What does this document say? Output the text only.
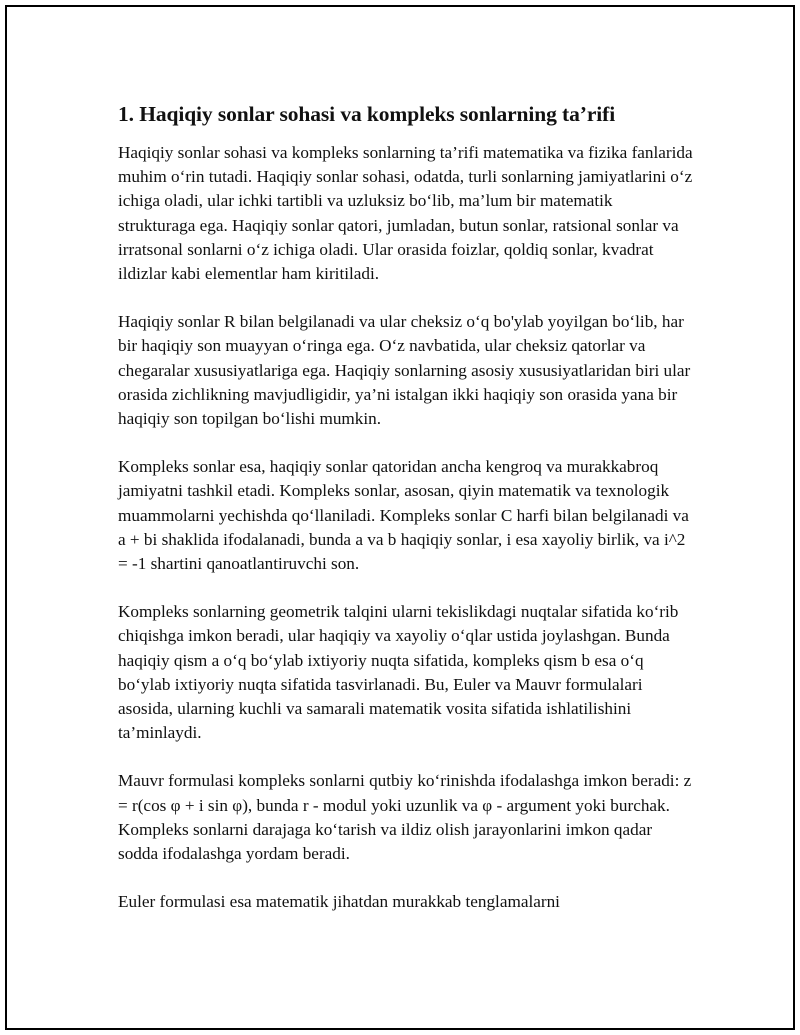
1. Haqiqiy sonlar sohasi va kompleks sonlarning ta’rifi

Haqiqiy sonlar sohasi va kompleks sonlarning ta’rifi matematika va fizika fanlarida muhim o‘rin tutadi. Haqiqiy sonlar sohasi, odatda, turli sonlarning jamiyatlarini o‘z ichiga oladi, ular ichki tartibli va uzluksiz bo‘lib, ma’lum bir matematik strukturaga ega. Haqiqiy sonlar qatori, jumladan, butun sonlar, ratsional sonlar va irratsonal sonlarni o‘z ichiga oladi. Ular orasida foizlar, qoldiq sonlar, kvadrat ildizlar kabi elementlar ham kiritiladi.

Haqiqiy sonlar R bilan belgilanadi va ular cheksiz o‘q bo'ylab yoyilgan bo‘lib, har bir haqiqiy son muayyan o‘ringa ega. O‘z navbatida, ular cheksiz qatorlar va chegaralar xususiyatlariga ega. Haqiqiy sonlarning asosiy xususiyatlaridan biri ular orasida zichlikning mavjudligidir, ya’ni istalgan ikki haqiqiy son orasida yana bir haqiqiy son topilgan bo‘lishi mumkin.

Kompleks sonlar esa, haqiqiy sonlar qatoridan ancha kengroq va murakkabroq jamiyatni tashkil etadi. Kompleks sonlar, asosan, qiyin matematik va texnologik muammolarni yechishda qo‘llaniladi. Kompleks sonlar C harfi bilan belgilanadi va a + bi shaklida ifodalanadi, bunda a va b haqiqiy sonlar, i esa xayoliy birlik, va i^2 = -1 shartini qanoatlantiruvchi son.

Kompleks sonlarning geometrik talqini ularni tekislikdagi nuqtalar sifatida ko‘rib chiqishga imkon beradi, ular haqiqiy va xayoliy o‘qlar ustida joylashgan. Bunda haqiqiy qism a o‘q bo‘ylab ixtiyoriy nuqta sifatida, kompleks qism b esa o‘q bo‘ylab ixtiyoriy nuqta sifatida tasvirlanadi. Bu, Euler va Mauvr formulalari asosida, ularning kuchli va samarali matematik vosita sifatida ishlatilishini ta’minlaydi.

Mauvr formulasi kompleks sonlarni qutbiy ko‘rinishda ifodalashga imkon beradi: z = r(cos φ + i sin φ), bunda r - modul yoki uzunlik va φ - argument yoki burchak. Kompleks sonlarni darajaga ko‘tarish va ildiz olish jarayonlarini imkon qadar sodda ifodalashga yordam beradi.

Euler formulasi esa matematik jihatdan murakkab tenglamalarni
